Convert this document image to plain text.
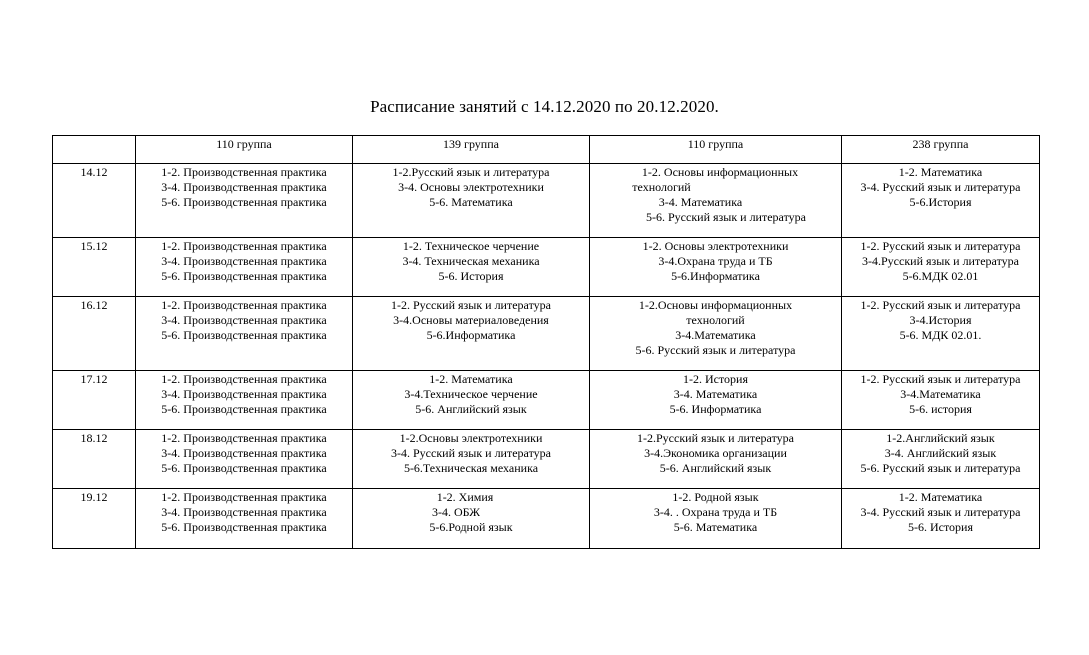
Расписание занятий с 14.12.2020 по 20.12.2020.
	110 группа	139 группа	110 группа	238 группа
14.12	1-2. Производственная практика
3-4. Производственная практика
5-6. Производственная практика	1-2.Русский язык и литература
3-4. Основы электротехники
5-6. Математика	1-2. Основы информационных
технологий
3-4. Математика
5-6. Русский язык и литература	1-2. Математика
3-4. Русский язык и литература
5-6.История

15.12	1-2. Производственная практика
3-4. Производственная практика
5-6. Производственная практика	1-2. Техническое черчение
3-4. Техническая механика
5-6. История	1-2. Основы электротехники
3-4.Охрана труда и ТБ
5-6.Информатика	1-2. Русский язык и литература
3-4.Русский язык и литература
5-6.МДК 02.01

16.12	1-2. Производственная практика
3-4. Производственная практика
5-6. Производственная практика	1-2. Русский язык и литература
3-4.Основы материаловедения
5-6.Информатика	1-2.Основы информационных
технологий
3-4.Математика
5-6. Русский язык и литература	1-2. Русский язык и литература
3-4.История
5-6. МДК 02.01.

17.12	1-2. Производственная практика
3-4. Производственная практика
5-6. Производственная практика	1-2. Математика
3-4.Техническое черчение
5-6. Английский язык	1-2. История
3-4. Математика
5-6. Информатика	1-2. Русский язык и литература
3-4.Математика
5-6. история

18.12	1-2. Производственная практика
3-4. Производственная практика
5-6. Производственная практика	1-2.Основы электротехники
3-4. Русский язык и литература
5-6.Техническая механика	1-2.Русский язык и литература
3-4.Экономика организации
5-6. Английский язык	1-2.Английский язык
3-4. Английский язык
5-6. Русский язык и литература

19.12	1-2. Производственная практика
3-4. Производственная практика
5-6. Производственная практика	1-2. Химия
3-4. ОБЖ
5-6.Родной язык	1-2. Родной язык
3-4. . Охрана труда и ТБ
5-6. Математика	1-2. Математика
3-4. Русский язык и литература
5-6. История
